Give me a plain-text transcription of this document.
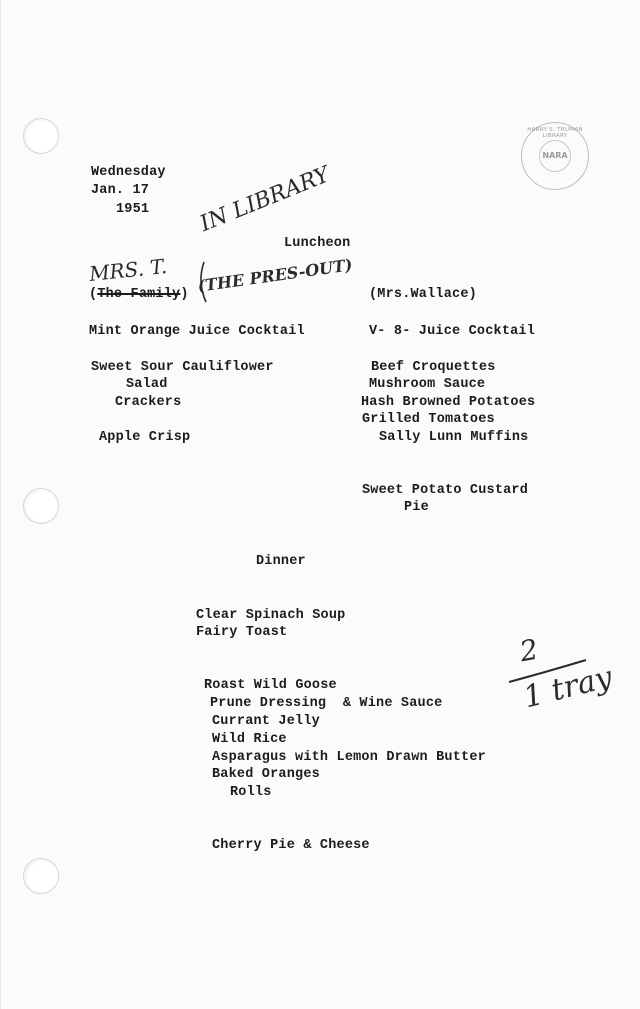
HARRY S. TRUMAN LIBRARY
NARA
Wednesday
Jan. 17
1951 IN LIBRARY
MRS. T. (THE PRES-OUT)
Luncheon
(The Family)	(Mrs.Wallace)
Mint Orange Juice Cocktail
Sweet Sour Cauliflower
Salad
Crackers
Apple Crisp
V- 8- Juice Cocktail
Beef Croquettes
Mushroom Sauce
Hash Browned Potatoes
Grilled Tomatoes
Sally Lunn Muffins
Sweet Potato Custard
Pie
Dinner
Clear Spinach Soup
Fairy Toast
Roast Wild Goose
Prune Dressing  & Wine Sauce
Currant Jelly
Wild Rice
Asparagus with Lemon Drawn Butter
Baked Oranges
Rolls
Cherry Pie & Cheese
2
1 tray
